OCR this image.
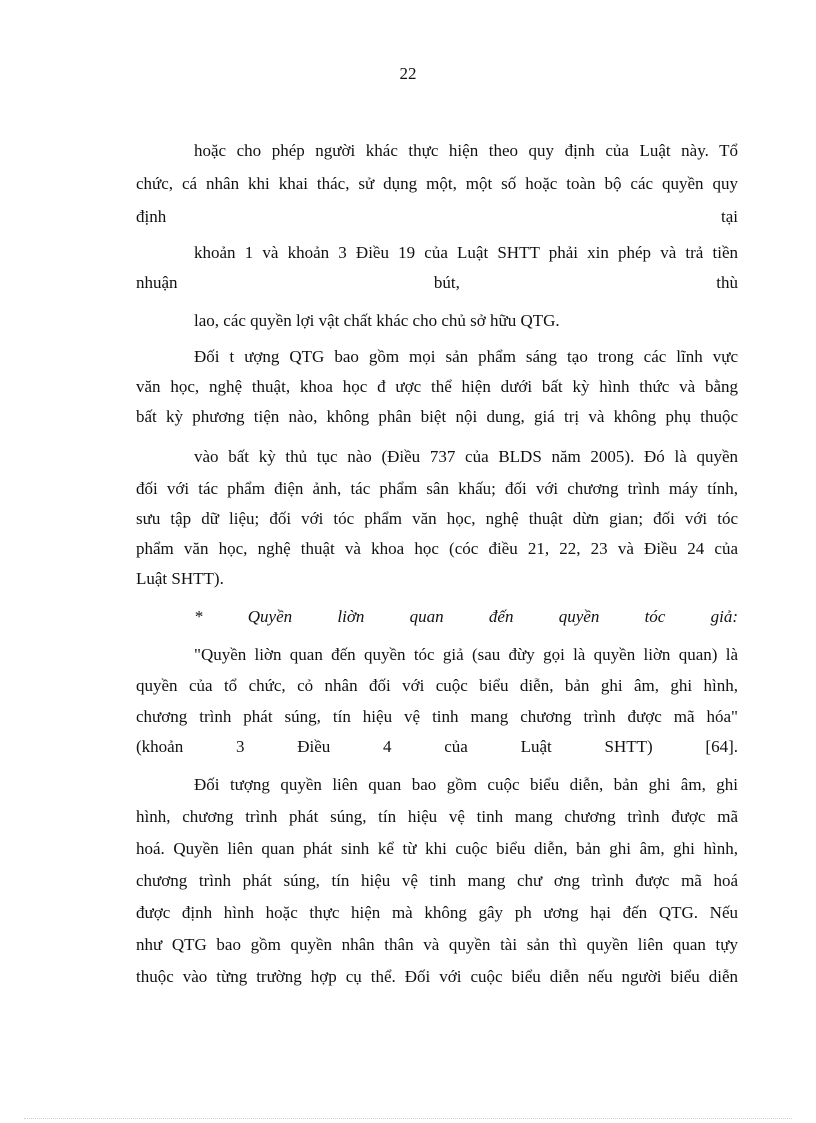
22
hoặc cho phép người khác thực hiện theo quy định của Luật này. Tổ
chức, cá nhân khi khai thác, sử dụng một, một số hoặc toàn bộ các quyền quy
định tại
khoản 1 và khoản 3 Điều 19 của Luật SHTT phải xin phép và trả tiền
nhuận bút, thù
lao, các quyền lợi vật chất khác cho chủ sở hữu QTG.
Đối t ượng QTG bao gồm mọi sản phẩm sáng tạo trong các lĩnh vực
văn học, nghệ thuật, khoa học đ ược thể hiện dưới bất kỳ hình thức và bằng
bất kỳ phương tiện nào, không phân biệt nội dung, giá trị và không phụ thuộc
vào bất kỳ thủ tục nào (Điều 737 của BLDS năm 2005). Đó là quyền
đối với tác phẩm điện ảnh, tác phẩm sân khấu; đối với chương trình máy tính,
sưu tập dữ liệu; đối với tóc phẩm văn học, nghệ thuật dừn gian; đối với tóc
phẩm văn học, nghệ thuật và khoa học (cóc điều 21, 22, 23 và Điều 24 của
Luật SHTT).
* Quyền liờn quan đến quyền tóc giả:
"Quyền liờn quan đến quyền tóc giả (sau đừy gọi là quyền liờn quan) là
quyền của tổ chức, cỏ nhân đối với cuộc biểu diễn, bản ghi âm, ghi hình,
chương trình phát súng, tín hiệu vệ tinh mang chương trình được mã hóa"
(khoản 3 Điều 4 của Luật SHTT) [64].
Đối tượng quyền liên quan bao gồm cuộc biểu diễn, bản ghi âm, ghi
hình, chương trình phát súng, tín hiệu vệ tinh mang chương trình được mã
hoá. Quyền liên quan phát sinh kể từ khi cuộc biểu diễn, bản ghi âm, ghi hình,
chương trình phát súng, tín hiệu vệ tinh mang chư ơng trình được mã hoá
được định hình hoặc thực hiện mà không gây ph ương hại đến QTG. Nếu
như QTG bao gồm quyền nhân thân và quyền tài sản thì quyền liên quan tựy
thuộc vào từng trường hợp cụ thể. Đối với cuộc biểu diễn nếu người biểu diễn
